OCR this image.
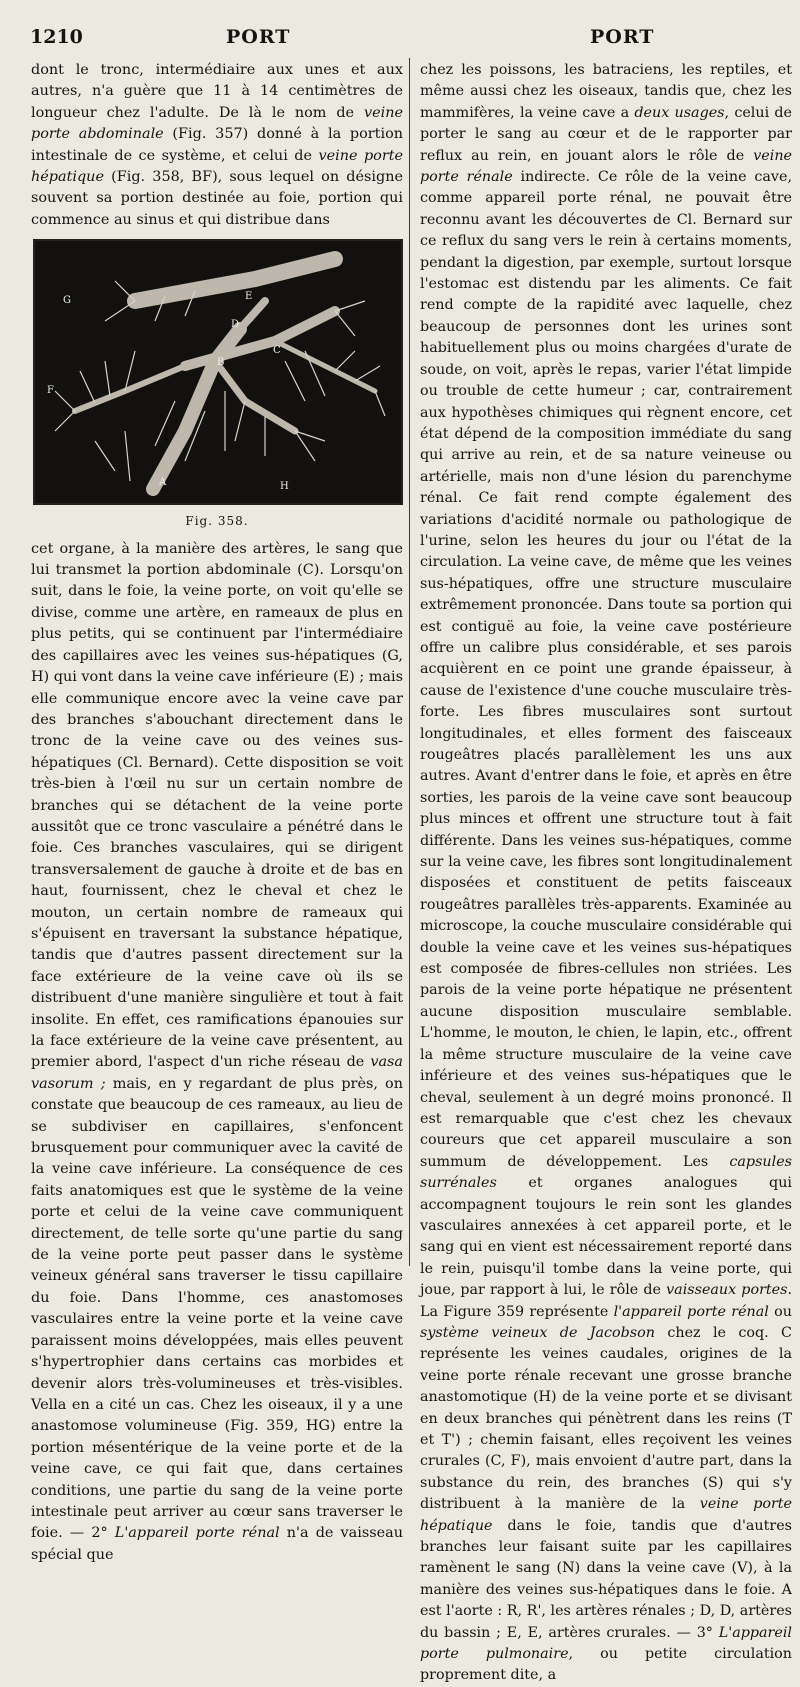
1210	PORT	PORT

dont le tronc, intermédiaire aux unes et aux autres, n'a guère que 11 à 14 centimètres de longueur chez l'adulte. De là le nom de veine porte abdominale (Fig. 357) donné à la portion intestinale de ce système, et celui de veine porte hépatique (Fig. 358, BF), sous lequel on désigne souvent sa portion destinée au foie, portion qui commence au sinus et qui distribue dans

G
F
E
D
B
C
A	H
Fig. 358.

cet organe, à la manière des artères, le sang que lui transmet la portion abdominale (C). Lorsqu'on suit, dans le foie, la veine porte, on voit qu'elle se divise, comme une artère, en rameaux de plus en plus petits, qui se continuent par l'intermédiaire des capillaires avec les veines sus-hépatiques (G, H) qui vont dans la veine cave inférieure (E) ; mais elle communique encore avec la veine cave par des branches s'abouchant directement dans le tronc de la veine cave ou des veines sus-hépatiques (Cl. Bernard). Cette disposition se voit très-bien à l'œil nu sur un certain nombre de branches qui se détachent de la veine porte aussitôt que ce tronc vasculaire a pénétré dans le foie. Ces branches vasculaires, qui se dirigent transversalement de gauche à droite et de bas en haut, fournissent, chez le cheval et chez le mouton, un certain nombre de rameaux qui s'épuisent en traversant la substance hépatique, tandis que d'autres passent directement sur la face extérieure de la veine cave où ils se distribuent d'une manière singulière et tout à fait insolite. En effet, ces ramifications épanouies sur la face extérieure de la veine cave présentent, au premier abord, l'aspect d'un riche réseau de vasa vasorum ; mais, en y regardant de plus près, on constate que beaucoup de ces rameaux, au lieu de se subdiviser en capillaires, s'enfoncent brusquement pour communiquer avec la cavité de la veine cave inférieure. La conséquence de ces faits anatomiques est que le système de la veine porte et celui de la veine cave communiquent directement, de telle sorte qu'une partie du sang de la veine porte peut passer dans le système veineux général sans traverser le tissu capillaire du foie. Dans l'homme, ces anastomoses vasculaires entre la veine porte et la veine cave paraissent moins développées, mais elles peuvent s'hypertrophier dans certains cas morbides et devenir alors très-volumineuses et très-visibles. Vella en a cité un cas. Chez les oiseaux, il y a une anastomose volumineuse (Fig. 359, HG) entre la portion mésentérique de la veine porte et de la veine cave, ce qui fait que, dans certaines conditions, une partie du sang de la veine porte intestinale peut arriver au cœur sans traverser le foie. — 2° L'appareil porte rénal n'a de vaisseau spécial que

chez les poissons, les batraciens, les reptiles, et même aussi chez les oiseaux, tandis que, chez les mammifères, la veine cave a deux usages, celui de porter le sang au cœur et de le rapporter par reflux au rein, en jouant alors le rôle de veine porte rénale indirecte. Ce rôle de la veine cave, comme appareil porte rénal, ne pouvait être reconnu avant les découvertes de Cl. Bernard sur ce reflux du sang vers le rein à certains moments, pendant la digestion, par exemple, surtout lorsque l'estomac est distendu par les aliments. Ce fait rend compte de la rapidité avec laquelle, chez beaucoup de personnes dont les urines sont habituellement plus ou moins chargées d'urate de soude, on voit, après le repas, varier l'état limpide ou trouble de cette humeur ; car, contrairement aux hypothèses chimiques qui règnent encore, cet état dépend de la composition immédiate du sang qui arrive au rein, et de sa nature veineuse ou artérielle, mais non d'une lésion du parenchyme rénal. Ce fait rend compte également des variations d'acidité normale ou pathologique de l'urine, selon les heures du jour ou l'état de la circulation. La veine cave, de même que les veines sus-hépatiques, offre une structure musculaire extrêmement prononcée. Dans toute sa portion qui est contiguë au foie, la veine cave postérieure offre un calibre plus considérable, et ses parois acquièrent en ce point une grande épaisseur, à cause de l'existence d'une couche musculaire très-forte. Les fibres musculaires sont surtout longitudinales, et elles forment des faisceaux rougeâtres placés parallèlement les uns aux autres. Avant d'entrer dans le foie, et après en être sorties, les parois de la veine cave sont beaucoup plus minces et offrent une structure tout à fait différente. Dans les veines sus-hépatiques, comme sur la veine cave, les fibres sont longitudinalement disposées et constituent de petits faisceaux rougeâtres parallèles très-apparents. Examinée au microscope, la couche musculaire considérable qui double la veine cave et les veines sus-hépatiques est composée de fibres-cellules non striées. Les parois de la veine porte hépatique ne présentent aucune disposition musculaire semblable. L'homme, le mouton, le chien, le lapin, etc., offrent la même structure musculaire de la veine cave inférieure et des veines sus-hépatiques que le cheval, seulement à un degré moins prononcé. Il est remarquable que c'est chez les chevaux coureurs que cet appareil musculaire a son summum de développement. Les capsules surrénales et organes analogues qui accompagnent toujours le rein sont les glandes vasculaires annexées à cet appareil porte, et le sang qui en vient est nécessairement reporté dans le rein, puisqu'il tombe dans la veine porte, qui joue, par rapport à lui, le rôle de vaisseaux portes. La Figure 359 représente l'appareil porte rénal ou système veineux de Jacobson chez le coq. C représente les veines caudales, origines de la veine porte rénale recevant une grosse branche anastomotique (H) de la veine porte et se divisant en deux branches qui pénètrent dans les reins (T et T') ; chemin faisant, elles reçoivent les veines crurales (C, F), mais envoient d'autre part, dans la substance du rein, des branches (S) qui s'y distribuent à la manière de la veine porte hépatique dans le foie, tandis que d'autres branches leur faisant suite par les capillaires ramènent le sang (N) dans la veine cave (V), à la manière des veines sus-hépatiques dans le foie. A est l'aorte : R, R', les artères rénales ; D, D, artères du bassin ; E, E, artères crurales. — 3° L'appareil porte pulmonaire, ou petite circulation proprement dite, a
